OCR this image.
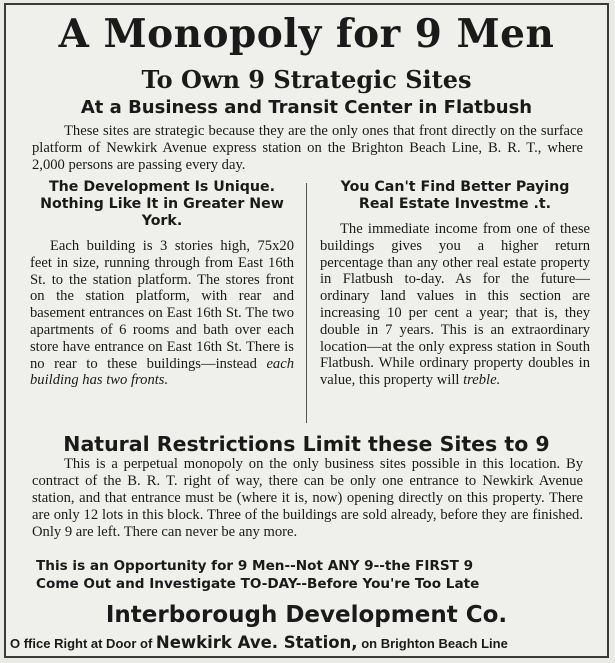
A Monopoly for 9 Men
To Own 9 Strategic Sites
At a Business and Transit Center in Flatbush
These sites are strategic because they are the only ones that front directly on the surface platform of Newkirk Avenue express station on the Brighton Beach Line, B. R. T., where 2,000 persons are passing every day.
The Development Is Unique.
Nothing Like It in Greater New York.

Each building is 3 stories high, 75x20 feet in size, running through from East 16th St. to the station platform. The stores front on the station platform, with rear and basement entrances on East 16th St. The two apartments of 6 rooms and bath over each store have entrance on East 16th St. There is no rear to these buildings—instead each building has two fronts.

You Can't Find Better Paying
Real Estate Investme .t.

The immediate income from one of these buildings gives you a higher return percentage than any other real estate property in Flatbush to-day. As for the future—ordinary land values in this section are increasing 10 per cent a year; that is, they double in 7 years. This is an extraordinary location—at the only express station in South Flatbush. While ordinary property doubles in value, this property will treble.

Natural Restrictions Limit these Sites to 9
This is a perpetual monopoly on the only business sites possible in this location. By contract of the B. R. T. right of way, there can be only one entrance to Newkirk Avenue station, and that entrance must be (where it is, now) opening directly on this property. There are only 12 lots in this block. Three of the buildings are sold already, before they are finished. Only 9 are left. There can never be any more.
This is an Opportunity for 9 Men--Not ANY 9--the FIRST 9
Come Out and Investigate TO-DAY--Before You're Too Late
Interborough Development Co.
O ffice Right at Door of Newkirk Ave. Station, on Brighton Beach Line
